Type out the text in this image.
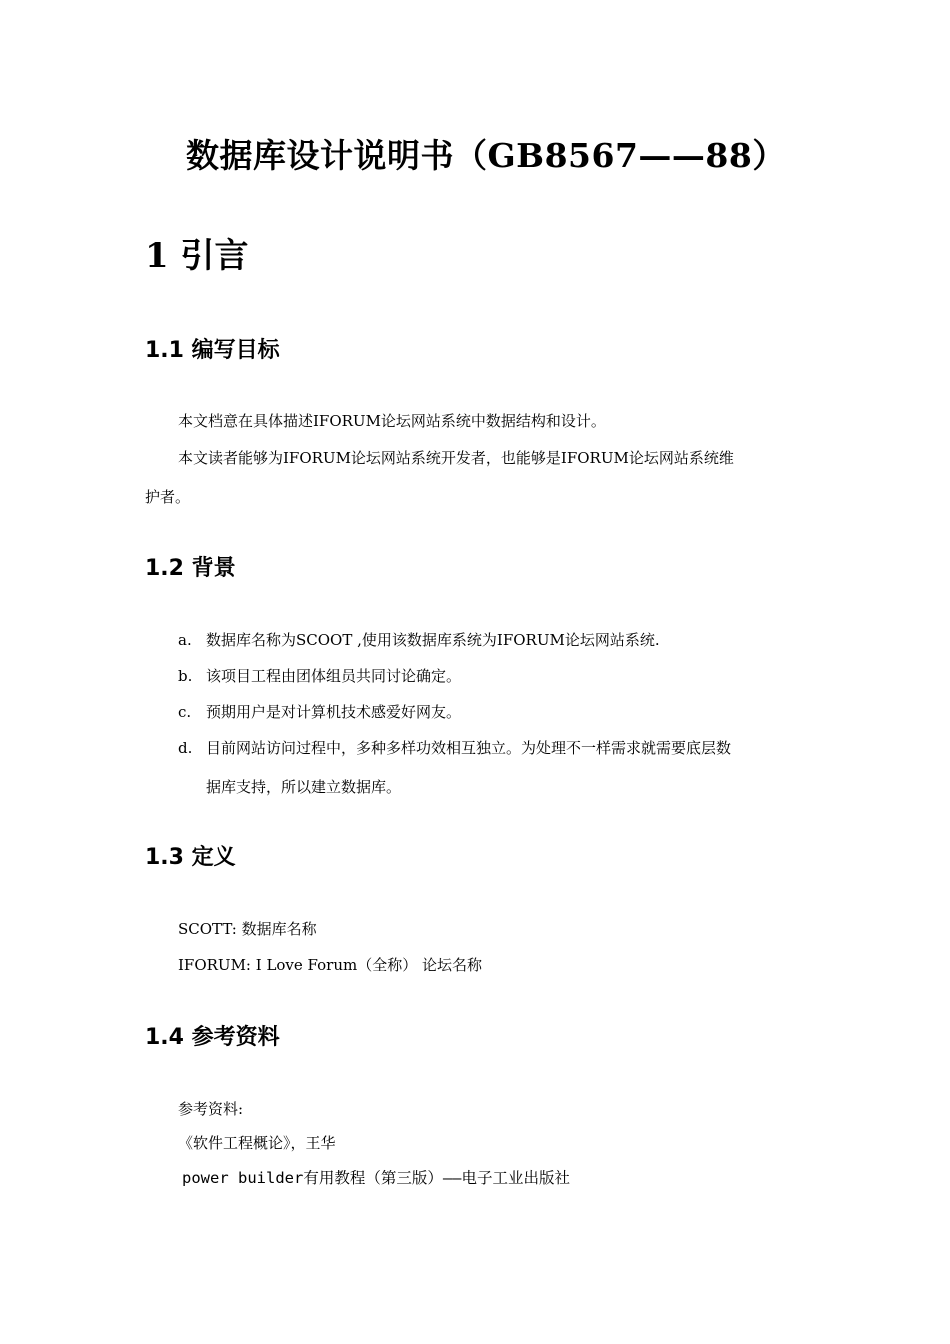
数据库设计说明书（GB8567——88）
1 引言
1.1 编写目标
本文档意在具体描述IFORUM论坛网站系统中数据结构和设计。
本文读者能够为IFORUM论坛网站系统开发者，也能够是IFORUM论坛网站系统维
护者。
1.2 背景
a. 数据库名称为SCOOT ,使用该数据库系统为IFORUM论坛网站系统.
b. 该项目工程由团体组员共同讨论确定。
c. 预期用户是对计算机技术感爱好网友。
d. 目前网站访问过程中，多种多样功效相互独立。为处理不一样需求就需要底层数
据库支持，所以建立数据库。
1.3 定义
SCOTT: 数据库名称
IFORUM: I Love Forum（全称） 论坛名称
1.4 参考资料
参考资料:
《软件工程概论》，王华
power builder有用教程（第三版）——电子工业出版社
